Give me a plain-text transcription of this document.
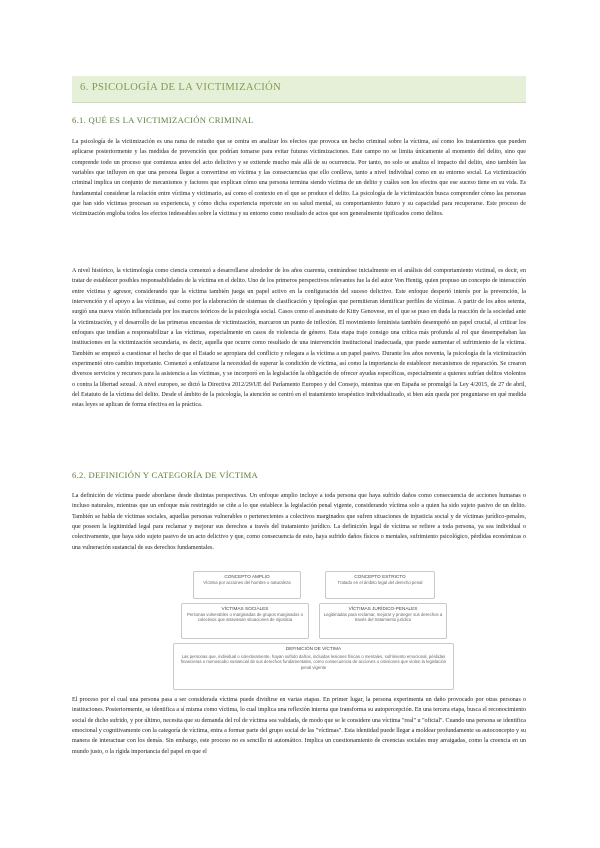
6. PSICOLOGÍA DE LA VICTIMIZACIÓN
6.1. QUÉ ES LA VICTIMIZACIÓN CRIMINAL

La psicología de la victimización es una rama de estudio que se centra en analizar los efectos que provoca un hecho criminal sobre la víctima, así como los tratamientos que pueden aplicarse posteriormente y las medidas de prevención que podrían tomarse para evitar futuras victimizaciones. Este campo no se limita únicamente al momento del delito, sino que comprende todo un proceso que comienza antes del acto delictivo y se extiende mucho más allá de su ocurrencia. Por tanto, no solo se analiza el impacto del delito, sino también las variables que influyen en que una persona llegue a convertirse en víctima y las consecuencias que ello conlleva, tanto a nivel individual como en su entorno social. La victimización criminal implica un conjunto de mecanismos y factores que explican cómo una persona termina siendo víctima de un delito y cuáles son los efectos que ese suceso tiene en su vida. Es fundamental considerar la relación entre víctima y victimario, así como el contexto en el que se produce el delito. La psicología de la victimización busca comprender cómo las personas que han sido víctimas procesan su experiencia, y cómo dicha experiencia repercute en su salud mental, su comportamiento futuro y su capacidad para recuperarse. Este proceso de victimización engloba todos los efectos indeseables sobre la víctima y su entorno como resultado de actos que son generalmente tipificados como delitos.

A nivel histórico, la victimología como ciencia comenzó a desarrollarse alrededor de los años cuarenta, centrándose inicialmente en el análisis del comportamiento victimal, es decir, en tratar de establecer posibles responsabilidades de la víctima en el delito. Uno de los primeros perspectivos relevantes fue la del autor Von Hentig, quien propuso un concepto de interacción entre víctima y agresor, considerando que la víctima también juega un papel activo en la configuración del suceso delictivo. Este enfoque despertó interés por la prevención, la intervención y el apoyo a las víctimas, así como por la elaboración de sistemas de clasificación y tipologías que permitieran identificar perfiles de víctimas. A partir de los años setenta, surgió una nueva visión influenciada por los marcos teóricos de la psicología social. Casos como el asesinato de Kitty Genovese, en el que se puso en duda la reacción de la sociedad ante la victimización, y el desarrollo de las primeras encuestas de victimización, marcaron un punto de inflexión. El movimiento feminista también desempeñó un papel crucial, al criticar los enfoques que tendían a responsabilizar a las víctimas, especialmente en casos de violencia de género. Esta etapa trajo consigo una crítica más profunda al rol que desempeñaban las instituciones en la victimización secundaria, es decir, aquella que ocurre como resultado de una intervención institucional inadecuada, que puede aumentar el sufrimiento de la víctima. También se empezó a cuestionar el hecho de que el Estado se apropiara del conflicto y relegara a la víctima a un papel pasivo. Durante los años noventa, la psicología de la victimización experimentó otro cambio importante. Comenzó a enfatizarse la necesidad de superar la condición de víctima, así como la importancia de establecer mecanismos de reparación. Se crearon diversos servicios y recursos para la asistencia a las víctimas, y se incorporó en la legislación la obligación de ofrecer ayudas específicas, especialmente a quienes sufrían delitos violentos o contra la libertad sexual. A nivel europeo, se dictó la Directiva 2012/29/UE del Parlamento Europeo y del Consejo, mientras que en España se promulgó la Ley 4/2015, de 27 de abril, del Estatuto de la víctima del delito. Desde el ámbito de la psicología, la atención se centró en el tratamiento terapéutico individualizado, si bien aún queda por preguntarse en qué medida estas leyes se aplican de forma efectiva en la práctica.

6.2. DEFINICIÓN Y CATEGORÍA DE VÍCTIMA

La definición de víctima puede abordarse desde distintas perspectivas. Un enfoque amplio incluye a toda persona que haya sufrido daños como consecuencia de acciones humanas o incluso naturales, mientras que un enfoque más restringido se ciñe a lo que establece la legislación penal vigente, considerando víctima solo a quien ha sido sujeto pasivo de un delito. También se habla de víctimas sociales, aquellas personas vulnerables o pertenecientes a colectivos marginados que sufren situaciones de injusticia social y de víctimas jurídico-penales, que poseen la legitimidad legal para reclamar y mejorar sus derechos a través del tratamiento jurídico. La definición legal de víctima se refiere a toda persona, ya sea individual o colectivamente, que haya sido sujeto pasivo de un acto delictivo y que, como consecuencia de esto, haya sufrido daños físicos o mentales, sufrimiento psicológico, pérdidas económicas o una vulneración sustancial de sus derechos fundamentales.

CONCEPTO AMPLIO
Víctima por acciones del hombre o naturaleza
CONCEPTO ESTRICTO
Tratado en el ámbito legal del derecho penal
VÍCTIMAS SOCIALES
Personas vulnerables o marginadas de grupos marginados o colectivos que atraviesan situaciones de injusticia
VÍCTIMAS JURÍDICO-PENALES
Legitimadas para reclamar, mejorar y proteger sus derechos a través del tratamiento jurídico
DEFINICIÓN DE VÍCTIMA
Las personas que, individual o colectivamente, hayan sufrido daños, incluidas lesiones físicas o mentales, sufrimiento emocional, pérdidas financieras o menoscabo sustancial de sus derechos fundamentales, como consecuencia de acciones u omisiones que violen la legislación penal vigente

El proceso por el cual una persona pasa a ser considerada víctima puede dividirse en varias etapas. En primer lugar, la persona experimenta un daño provocado por otras personas o instituciones. Posteriormente, se identifica a sí misma como víctima, lo cual implica una reflexión interna que transforma su autopercepción. En una tercera etapa, busca el reconocimiento social de dicho sufrido, y por último, necesita que su demanda del rol de víctima sea validada, de modo que se le considere una víctima "real" u "oficial". Cuando una persona se identifica emocional y cognitivamente con la categoría de víctima, entra a formar parte del grupo social de las "víctimas". Esta identidad puede llegar a moldear profundamente su autoconcepto y su manera de interactuar con los demás. Sin embargo, este proceso no es sencillo ni automático. Implica un cuestionamiento de creencias sociales muy arraigadas, como la creencia en un mundo justo, o la rígida importancia del papel en que el
